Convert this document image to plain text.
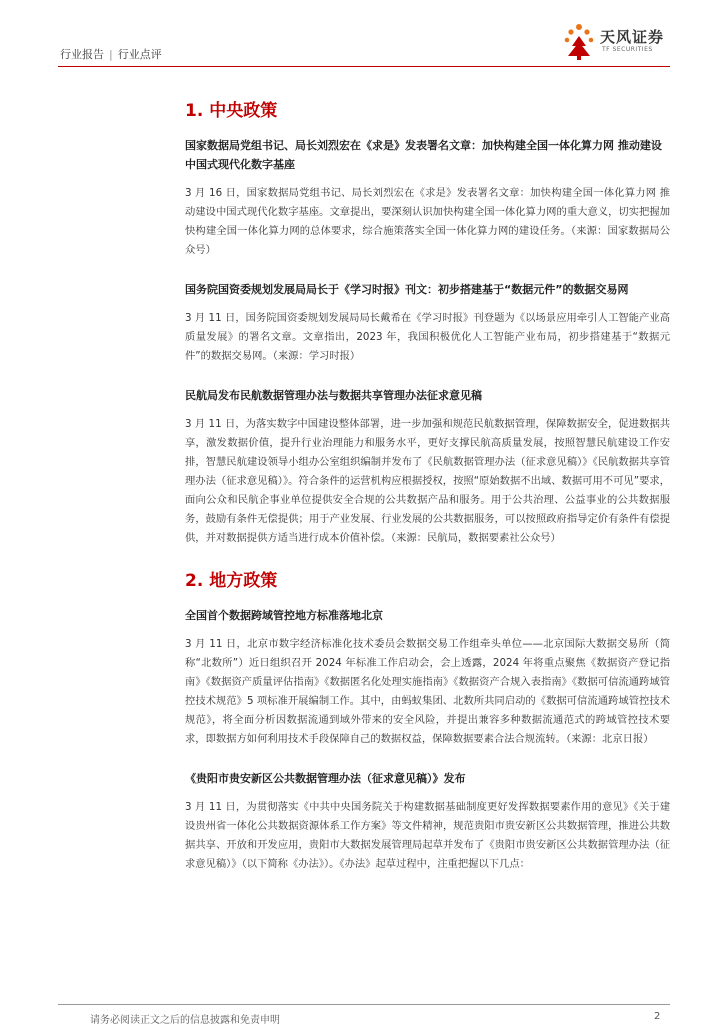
行业报告 | 行业点评
天风证券
TF SECURITIES
1. 中央政策
国家数据局党组书记、局长刘烈宏在《求是》发表署名文章：加快构建全国一体化算力网 推动建设中国式现代化数字基座
3 月 16 日，国家数据局党组书记、局长刘烈宏在《求是》发表署名文章：加快构建全国一体化算力网 推动建设中国式现代化数字基座。文章提出，要深刻认识加快构建全国一体化算力网的重大意义，切实把握加快构建全国一体化算力网的总体要求，综合施策落实全国一体化算力网的建设任务。（来源：国家数据局公众号）
国务院国资委规划发展局局长于《学习时报》刊文：初步搭建基于“数据元件”的数据交易网
3 月 11 日，国务院国资委规划发展局局长戴希在《学习时报》刊登题为《以场景应用牵引人工智能产业高质量发展》的署名文章。文章指出，2023 年，我国积极优化人工智能产业布局，初步搭建基于“数据元件”的数据交易网。（来源：学习时报）
民航局发布民航数据管理办法与数据共享管理办法征求意见稿
3 月 11 日，为落实数字中国建设整体部署，进一步加强和规范民航数据管理，保障数据安全，促进数据共享，激发数据价值，提升行业治理能力和服务水平，更好支撑民航高质量发展，按照智慧民航建设工作安排，智慧民航建设领导小组办公室组织编制并发布了《民航数据管理办法（征求意见稿）》《民航数据共享管理办法（征求意见稿）》。符合条件的运营机构应根据授权，按照“原始数据不出域、数据可用不可见”要求，面向公众和民航企事业单位提供安全合规的公共数据产品和服务。用于公共治理、公益事业的公共数据服务，鼓励有条件无偿提供；用于产业发展、行业发展的公共数据服务，可以按照政府指导定价有条件有偿提供，并对数据提供方适当进行成本价值补偿。（来源：民航局，数据要素社公众号）
2. 地方政策
全国首个数据跨域管控地方标准落地北京
3 月 11 日，北京市数字经济标准化技术委员会数据交易工作组牵头单位——北京国际大数据交易所（简称“北数所”）近日组织召开 2024 年标准工作启动会，会上透露，2024 年将重点聚焦《数据资产登记指南》《数据资产质量评估指南》《数据匿名化处理实施指南》《数据资产合规入表指南》《数据可信流通跨域管控技术规范》5 项标准开展编制工作。其中，由蚂蚁集团、北数所共同启动的《数据可信流通跨域管控技术规范》，将全面分析因数据流通到域外带来的安全风险，并提出兼容多种数据流通范式的跨域管控技术要求，即数据方如何利用技术手段保障自己的数据权益，保障数据要素合法合规流转。（来源：北京日报）
《贵阳市贵安新区公共数据管理办法（征求意见稿）》发布
3 月 11 日，为贯彻落实《中共中央国务院关于构建数据基础制度更好发挥数据要素作用的意见》《关于建设贵州省一体化公共数据资源体系工作方案》等文件精神，规范贵阳市贵安新区公共数据管理，推进公共数据共享、开放和开发应用，贵阳市大数据发展管理局起草并发布了《贵阳市贵安新区公共数据管理办法（征求意见稿）》（以下简称《办法》）。《办法》起草过程中，注重把握以下几点：
请务必阅读正文之后的信息披露和免责申明	2
